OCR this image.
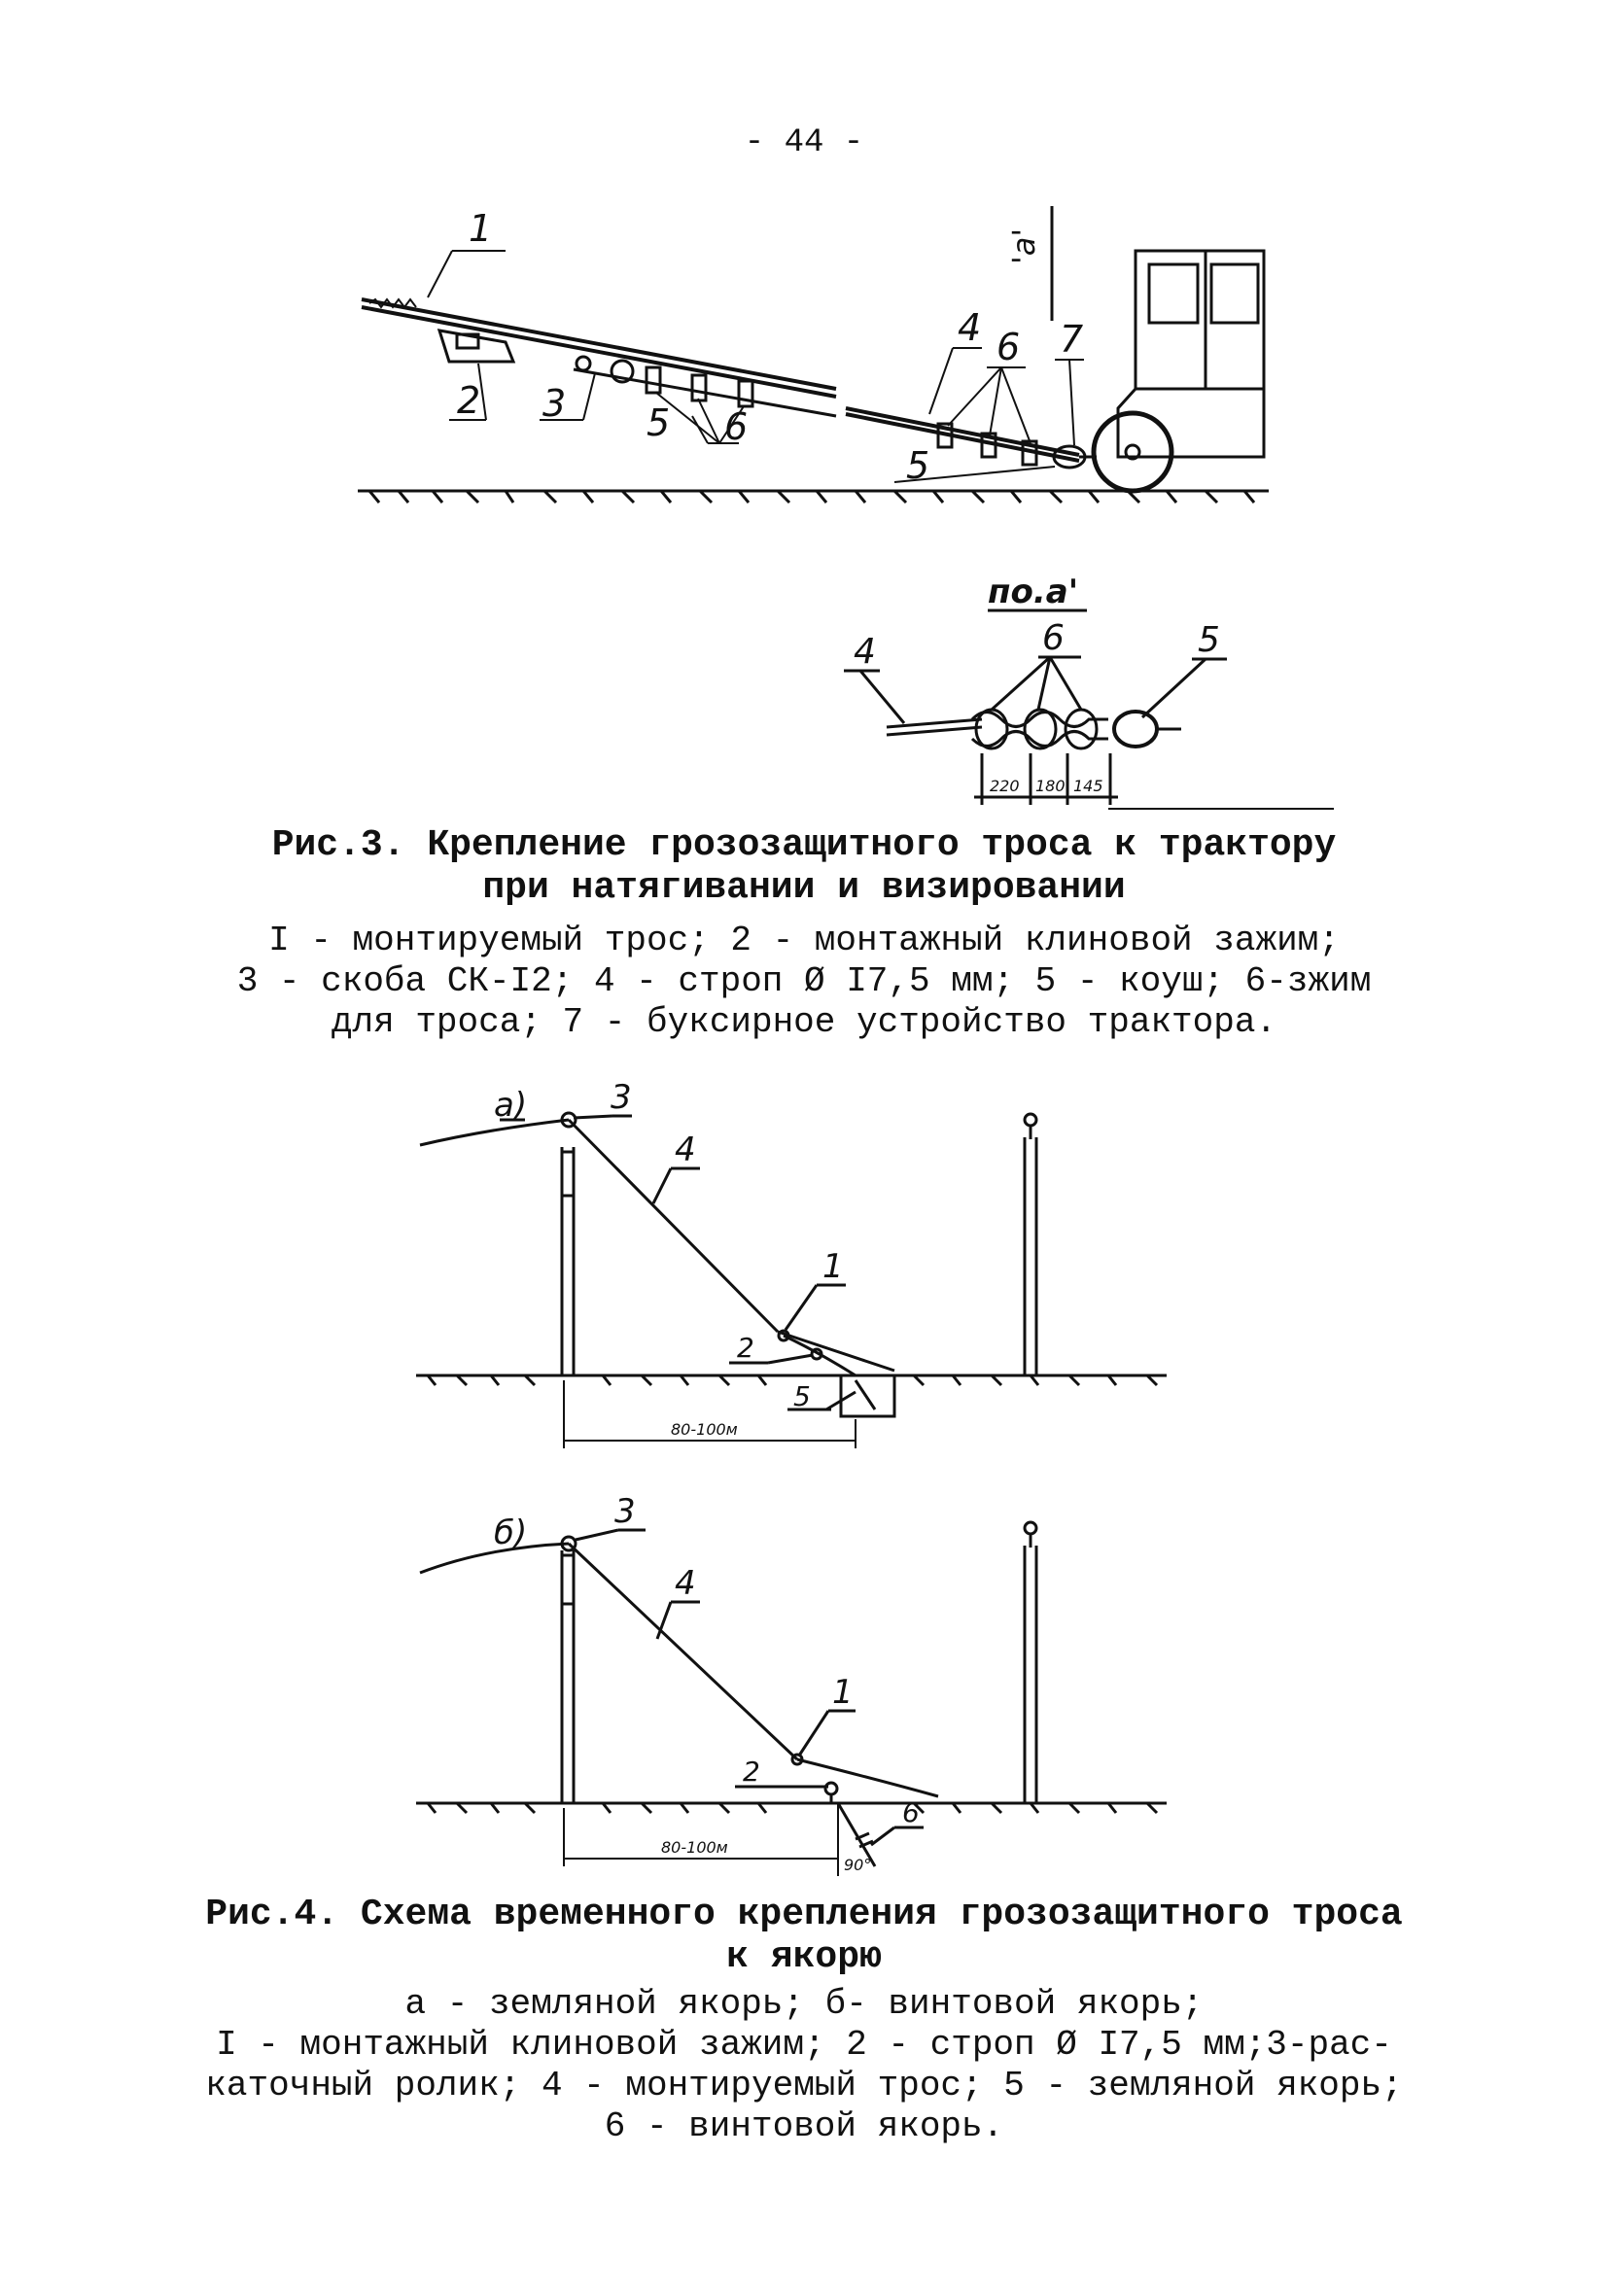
- 44 -
'a'
1
2 3
4 6 7
5 6
5
по.а'
4	6	5
220 180 145
Рис.3. Крепление грозозащитного троса к трактору
при натягивании и визировании
I - монтируемый трос; 2 - монтажный клиновой зажим;
3 - скоба СК-I2; 4 - строп Ø I7,5 мм; 5 - коуш; 6-зжим
для троса; 7 - буксирное устройство трактора.
а)	3
4
1
2
5
80-100м
б)
3
4
1
2
6
80-100м
90°
Рис.4. Схема временного крепления грозозащитного троса
к якорю
а - земляной якорь; б- винтовой якорь;
I - монтажный клиновой зажим; 2 - строп Ø I7,5 мм;3-рас-
каточный ролик; 4 - монтируемый трос; 5 - земляной якорь;
6 - винтовой якорь.
